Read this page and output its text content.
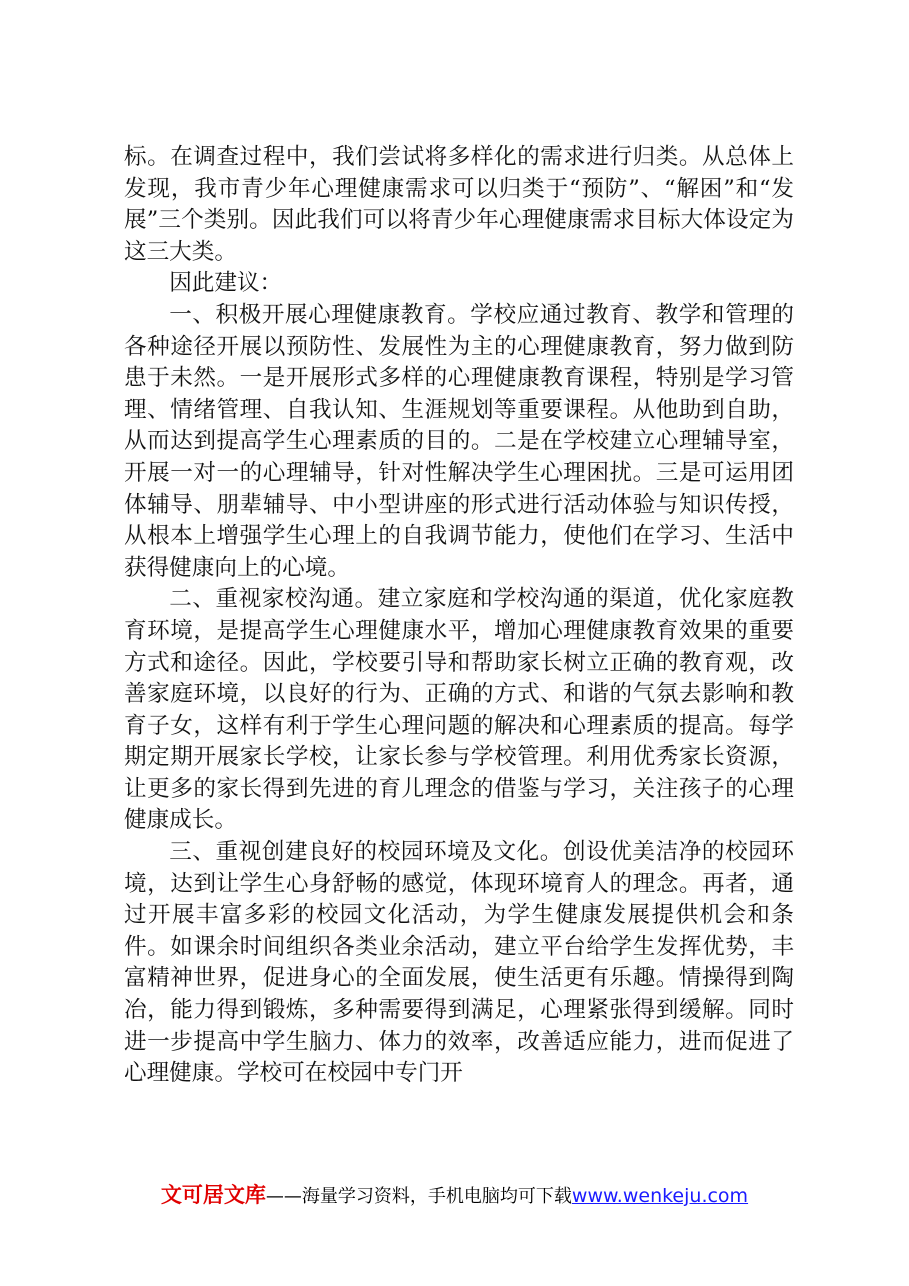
标。在调查过程中，我们尝试将多样化的需求进行归类。从总体上发现，我市青少年心理健康需求可以归类于“预防”、“解困”和“发展”三个类别。因此我们可以将青少年心理健康需求目标大体设定为这三大类。

因此建议：

一、积极开展心理健康教育。学校应通过教育、教学和管理的各种途径开展以预防性、发展性为主的心理健康教育，努力做到防患于未然。一是开展形式多样的心理健康教育课程，特别是学习管理、情绪管理、自我认知、生涯规划等重要课程。从他助到自助，从而达到提高学生心理素质的目的。二是在学校建立心理辅导室，开展一对一的心理辅导，针对性解决学生心理困扰。三是可运用团体辅导、朋辈辅导、中小型讲座的形式进行活动体验与知识传授，从根本上增强学生心理上的自我调节能力，使他们在学习、生活中获得健康向上的心境。

二、重视家校沟通。建立家庭和学校沟通的渠道，优化家庭教育环境，是提高学生心理健康水平，增加心理健康教育效果的重要方式和途径。因此，学校要引导和帮助家长树立正确的教育观，改善家庭环境，以良好的行为、正确的方式、和谐的气氛去影响和教育子女，这样有利于学生心理问题的解决和心理素质的提高。每学期定期开展家长学校，让家长参与学校管理。利用优秀家长资源，让更多的家长得到先进的育儿理念的借鉴与学习，关注孩子的心理健康成长。

三、重视创建良好的校园环境及文化。创设优美洁净的校园环境，达到让学生心身舒畅的感觉，体现环境育人的理念。再者，通过开展丰富多彩的校园文化活动，为学生健康发展提供机会和条件。如课余时间组织各类业余活动，建立平台给学生发挥优势，丰富精神世界，促进身心的全面发展，使生活更有乐趣。情操得到陶冶，能力得到锻炼，多种需要得到满足，心理紧张得到缓解。同时进一步提高中学生脑力、体力的效率，改善适应能力，进而促进了心理健康。学校可在校园中专门开

文可居文库——海量学习资料，手机电脑均可下载www.wenkeju.com
